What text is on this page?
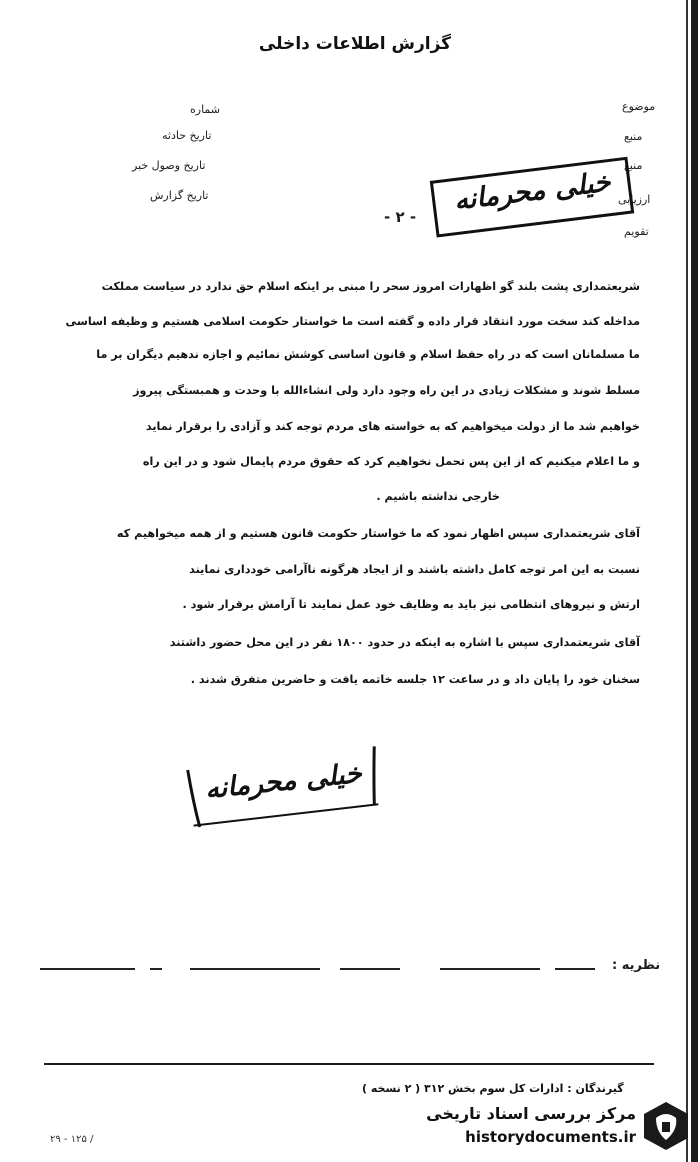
گزارش اطلاعات داخلی
شماره
تاریخ حادثه
تاریخ وصول خبر
تاریخ گزارش
موضوع
منبع
منبع
ارزیابی
تقویم
- ۲ -
خیلی محرمانه
شریعتمداری پشت بلند گو اظهارات امروز سحر را مبنی بر اینکه اسلام حق ندارد در سیاست مملکت
مداخله کند سخت مورد انتقاد قرار داده و گفته است ما خواستار حکومت اسلامی هستیم و وظیفه اساسی
ما مسلمانان است که در راه حفظ اسلام و قانون اساسی کوشش نمائیم و اجازه ندهیم دیگران بر ما
مسلط شوند و مشکلات زیادی در این راه وجود دارد ولی انشاءالله با وحدت و همبستگی پیروز
خواهیم شد ما از دولت میخواهیم که به خواسته های مردم توجه کند و آزادی را برقرار نماید
و ما اعلام میکنیم که از این پس تحمل نخواهیم کرد که حقوق مردم پایمال شود و در این راه
خارجی نداشته باشیم .
آقای شریعتمداری سپس اظهار نمود که ما خواستار حکومت قانون هستیم و از همه میخواهیم که
نسبت به این امر توجه کامل داشته باشند و از ایجاد هرگونه ناآرامی خودداری نمایند
ارتش و نیروهای انتظامی نیز باید به وظایف خود عمل نمایند تا آرامش برقرار شود .
آقای شریعتمداری سپس با اشاره به اینکه در حدود ۱۸۰۰ نفر در این محل حضور داشتند
سخنان خود را پایان داد و در ساعت ۱۲ جلسه خاتمه یافت و حاضرین متفرق شدند .
خیلی محرمانه
نظریه :
گیرندگان : ادارات کل سوم بخش ۳۱۲ ( ۲ نسخه )
۲۹ - ۱۲۵ /
مرکز بررسی اسناد تاریخی
historydocuments.ir
